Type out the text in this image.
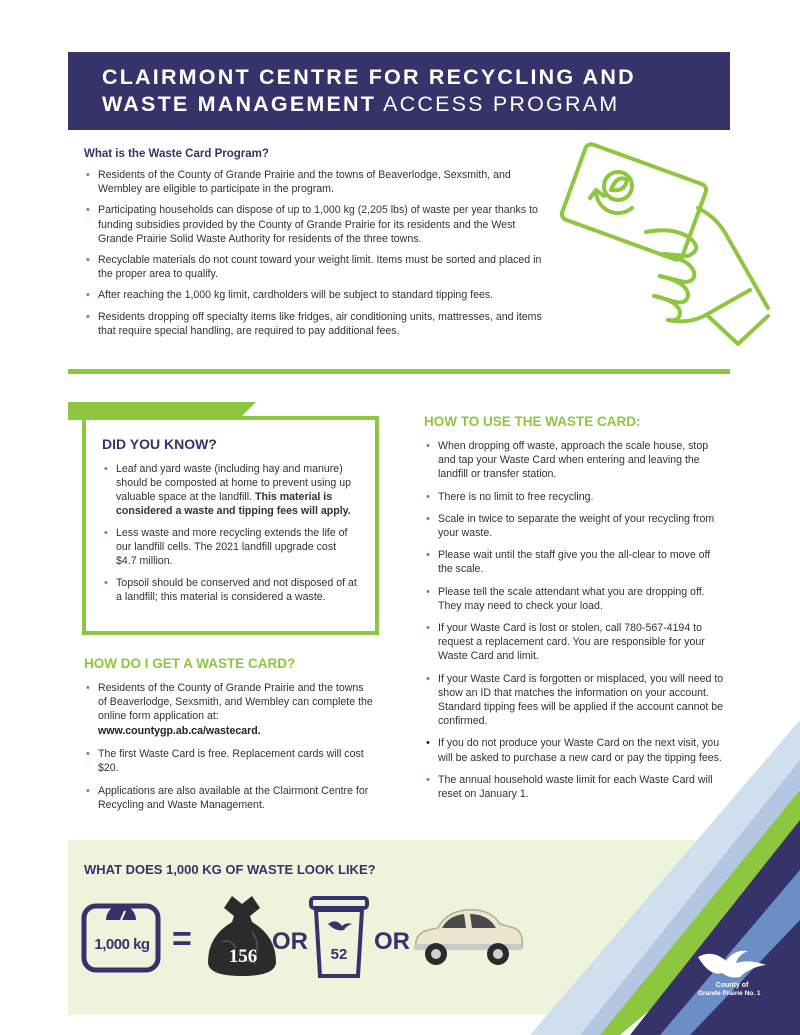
CLAIRMONT CENTRE FOR RECYCLING AND
WASTE MANAGEMENT ACCESS PROGRAM
What is the Waste Card Program?
• Residents of the County of Grande Prairie and the towns of Beaverlodge, Sexsmith, and Wembley are eligible to participate in the program.
• Participating households can dispose of up to 1,000 kg (2,205 lbs) of waste per year thanks to funding subsidies provided by the County of Grande Prairie for its residents and the West Grande Prairie Solid Waste Authority for residents of the three towns.
• Recyclable materials do not count toward your weight limit. Items must be sorted and placed in the proper area to qualify.
• After reaching the 1,000 kg limit, cardholders will be subject to standard tipping fees.
• Residents dropping off specialty items like fridges, air conditioning units, mattresses, and items that require special handling, are required to pay additional fees.
DID YOU KNOW?
• Leaf and yard waste (including hay and manure) should be composted at home to prevent using up valuable space at the landfill. This material is considered a waste and tipping fees will apply.
• Less waste and more recycling extends the life of our landfill cells. The 2021 landfill upgrade cost $4.7 million.
• Topsoil should be conserved and not disposed of at a landfill; this material is considered a waste.
HOW DO I GET A WASTE CARD?
• Residents of the County of Grande Prairie and the towns of Beaverlodge, Sexsmith, and Wembley can complete the online form application at:
www.countygp.ab.ca/wastecard.
• The first Waste Card is free. Replacement cards will cost $20.
• Applications are also available at the Clairmont Centre for Recycling and Waste Management.
HOW TO USE THE WASTE CARD:
• When dropping off waste, approach the scale house, stop and tap your Waste Card when entering and leaving the landfill or transfer station.
• There is no limit to free recycling.
• Scale in twice to separate the weight of your recycling from your waste.
• Please wait until the staff give you the all-clear to move off the scale.
• Please tell the scale attendant what you are dropping off. They may need to check your load.
• If your Waste Card is lost or stolen, call 780-567-4194 to request a replacement card. You are responsible for your Waste Card and limit.
• If your Waste Card is forgotten or misplaced, you will need to show an ID that matches the information on your account. Standard tipping fees will be applied if the account cannot be confirmed.
• If you do not produce your Waste Card on the next visit, you will be asked to purchase a new card or pay the tipping fees.
• The annual household waste limit for each Waste Card will reset on January 1.
County of
Grande Prairie No. 1
WHAT DOES 1,000 KG OF WASTE LOOK LIKE?
1,000 kg =	156
OR	52	OR
